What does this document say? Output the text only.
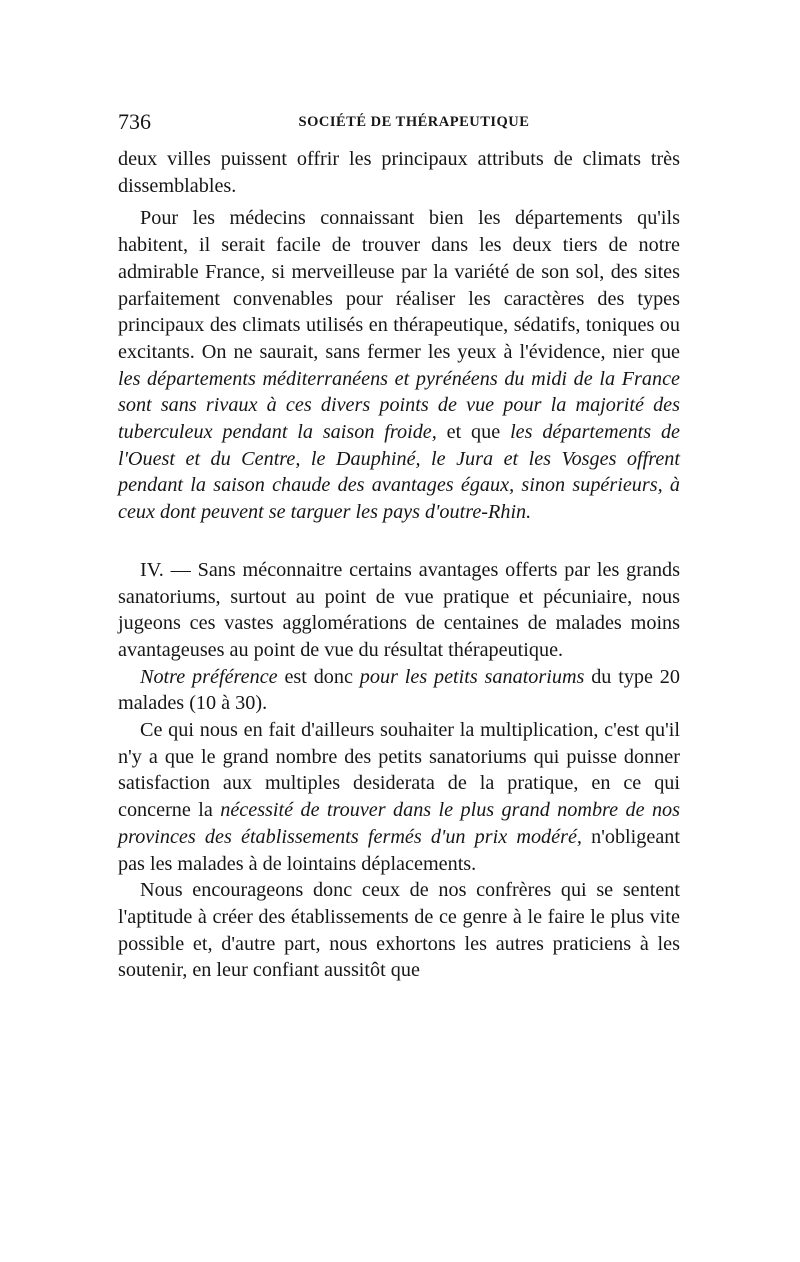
736	SOCIÉTÉ DE THÉRAPEUTIQUE

deux villes puissent offrir les principaux attributs de climats très dissemblables.

Pour les médecins connaissant bien les départements qu'ils habitent, il serait facile de trouver dans les deux tiers de notre admirable France, si merveilleuse par la variété de son sol, des sites parfaitement convenables pour réaliser les caractères des types principaux des climats utilisés en thérapeutique, sédatifs, toniques ou excitants. On ne saurait, sans fermer les yeux à l'évidence, nier que les départements méditerranéens et pyrénéens du midi de la France sont sans rivaux à ces divers points de vue pour la majorité des tuberculeux pendant la saison froide, et que les départements de l'Ouest et du Centre, le Dauphiné, le Jura et les Vosges offrent pendant la saison chaude des avantages égaux, sinon supérieurs, à ceux dont peuvent se targuer les pays d'outre-Rhin.

IV. — Sans méconnaitre certains avantages offerts par les grands sanatoriums, surtout au point de vue pratique et pécuniaire, nous jugeons ces vastes agglomérations de centaines de malades moins avantageuses au point de vue du résultat thérapeutique.

Notre préférence est donc pour les petits sanatoriums du type 20 malades (10 à 30).

Ce qui nous en fait d'ailleurs souhaiter la multiplication, c'est qu'il n'y a que le grand nombre des petits sanatoriums qui puisse donner satisfaction aux multiples desiderata de la pratique, en ce qui concerne la nécessité de trouver dans le plus grand nombre de nos provinces des établissements fermés d'un prix modéré, n'obligeant pas les malades à de lointains déplacements.

Nous encourageons donc ceux de nos confrères qui se sentent l'aptitude à créer des établissements de ce genre à le faire le plus vite possible et, d'autre part, nous exhortons les autres praticiens à les soutenir, en leur confiant aussitôt que
